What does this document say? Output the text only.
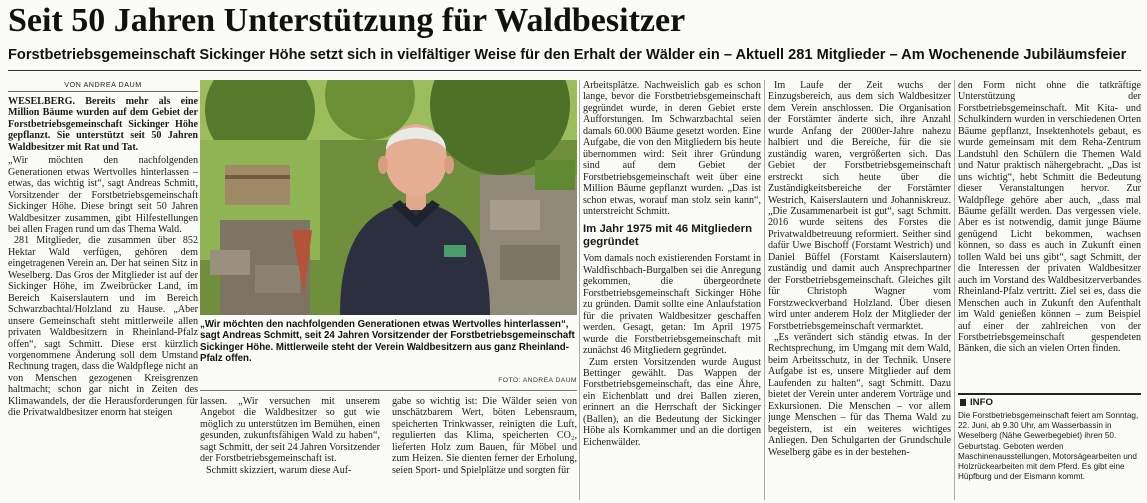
Seit 50 Jahren Unterstützung für Waldbesitzer
Forstbetriebsgemeinschaft Sickinger Höhe setzt sich in vielfältiger Weise für den Erhalt der Wälder ein – Aktuell 281 Mitglieder – Am Wochenende Jubiläumsfeier
VON ANDREA DAUM

WESELBERG. Bereits mehr als eine Million Bäume wurden auf dem Gebiet der Forstbetriebsgemeinschaft Sickinger Höhe gepflanzt. Sie unterstützt seit 50 Jahren Waldbesitzer mit Rat und Tat.

„Wir möchten den nachfolgenden Generationen etwas Wertvolles hinterlassen – etwas, das wichtig ist“, sagt Andreas Schmitt, Vorsitzender der Forstbetriebsgemeinschaft Sickinger Höhe. Diese bringt seit 50 Jahren Waldbesitzer zusammen, gibt Hilfestellungen bei allen Fragen rund um das Thema Wald.

281 Mitglieder, die zusammen über 852 Hektar Wald verfügen, gehören dem eingetragenen Verein an. Der hat seinen Sitz in Weselberg. Das Gros der Mitglieder ist auf der Sickinger Höhe, im Zweibrücker Land, im Bereich Kaiserslautern und im Bereich Schwarzbachtal/Holzland zu Hause. „Aber unsere Gemeinschaft steht mittlerweile allen privaten Waldbesitzern in Rheinland-Pfalz offen“, sagt Schmitt. Diese erst kürzlich vorgenommene Änderung soll dem Umstand Rechnung tragen, dass die Waldpflege nicht an von Menschen gezogenen Kreisgrenzen haltmacht; schon gar nicht in Zeiten des Klimawandels, der die Herausforderungen für die Privatwaldbesitzer enorm hat steigen

„Wir möchten den nachfolgenden Generationen etwas Wertvolles hinterlassen“, sagt Andreas Schmitt, seit 24 Jahren Vorsitzender der Forstbetriebsgemeinschaft Sickinger Höhe. Mittlerweile steht der Verein Waldbesitzern aus ganz Rheinland-Pfalz offen.

FOTO: ANDREA DAUM

lassen. „Wir versuchen mit unserem Angebot die Waldbesitzer so gut wie möglich zu unterstützen im Bemühen, einen gesunden, zukunftsfähigen Wald zu haben“, sagt Schmitt, der seit 24 Jahren Vorsitzender der Forstbetriebsgemeinschaft ist.

Schmitt skizziert, warum diese Auf-

gabe so wichtig ist: Die Wälder seien von unschätzbarem Wert, böten Lebensraum, speicherten Trinkwasser, reinigten die Luft, regulierten das Klima, speicherten CO₂, lieferten Holz zum Bauen, für Möbel und zum Heizen. Sie dienten ferner der Erholung, seien Sport- und Spielplätze und sorgten für

Arbeitsplätze. Nachweislich gab es schon lange, bevor die Forstbetriebsgemeinschaft gegründet wurde, in deren Gebiet erste Aufforstungen. Im Schwarzbachtal seien damals 60.000 Bäume gesetzt worden. Eine Aufgabe, die von den Mitgliedern bis heute übernommen wird: Seit ihrer Gründung sind auf dem Gebiet der Forstbetriebsgemeinschaft weit über eine Million Bäume gepflanzt wurden. „Das ist schon etwas, worauf man stolz sein kann“, unterstreicht Schmitt.

Im Jahr 1975 mit 46 Mitgliedern gegründet

Vom damals noch existierenden Forstamt in Waldfischbach-Burgalben sei die Anregung gekommen, die übergeordnete Forstbetriebsgemeinschaft Sickinger Höhe zu gründen. Damit sollte eine Anlaufstation für die privaten Waldbesitzer geschaffen werden. Gesagt, getan: Im April 1975 wurde die Forstbetriebsgemeinschaft mit zunächst 46 Mitgliedern gegründet.

Zum ersten Vorsitzenden wurde August Bettinger gewählt. Das Wappen der Forstbetriebsgemeinschaft, das eine Ähre, ein Eichenblatt und drei Ballen zieren, erinnert an die Herrschaft der Sickinger (Ballen), an die Bedeutung der Sickinger Höhe als Kornkammer und an die dortigen Eichenwälder.

Im Laufe der Zeit wuchs der Einzugsbereich, aus dem sich Waldbesitzer dem Verein anschlossen. Die Organisation der Forstämter änderte sich, ihre Anzahl wurde Anfang der 2000er-Jahre nahezu halbiert und die Bereiche, für die sie zuständig waren, vergrößerten sich. Das Gebiet der Forstbetriebsgemeinschaft erstreckt sich heute über die Zuständigkeitsbereiche der Forstämter Westrich, Kaiserslautern und Johanniskreuz. „Die Zusammenarbeit ist gut“, sagt Schmitt. 2016 wurde seitens des Forstes die Privatwaldbetreuung reformiert. Seither sind dafür Uwe Bischoff (Forstamt Westrich) und Daniel Büffel (Forstamt Kaiserslautern) zuständig und damit auch Ansprechpartner der Forstbetriebsgemeinschaft. Gleiches gilt für Christoph Wagner vom Forstzweckverband Holzland. Über diesen wird unter anderem Holz der Mitglieder der Forstbetriebsgemeinschaft vermarktet.

„Es verändert sich ständig etwas. In der Rechtsprechung, im Umgang mit dem Wald, beim Arbeitsschutz, in der Technik. Unsere Aufgabe ist es, unsere Mitglieder auf dem Laufenden zu halten“, sagt Schmitt. Dazu bietet der Verein unter anderem Vorträge und Exkursionen. Die Menschen – vor allem junge Menschen – für das Thema Wald zu begeistern, ist ein weiteres wichtiges Anliegen. Den Schulgarten der Grundschule Weselberg gäbe es in der bestehen-

den Form nicht ohne die tatkräftige Unterstützung der Forstbetriebsgemeinschaft. Mit Kita- und Schulkindern wurden in verschiedenen Orten Bäume gepflanzt, Insektenhotels gebaut, es wurde gemeinsam mit dem Reha-Zentrum Landstuhl den Schülern die Themen Wald und Natur praktisch nähergebracht. „Das ist uns wichtig“, hebt Schmitt die Bedeutung dieser Veranstaltungen hervor. Zur Waldpflege gehöre aber auch, „dass mal Bäume gefällt werden. Das vergessen viele. Aber es ist notwendig, damit junge Bäume genügend Licht bekommen, wachsen können, so dass es auch in Zukunft einen tollen Wald bei uns gibt“, sagt Schmitt, der die Interessen der privaten Waldbesitzer auch im Vorstand des Waldbesitzerverbandes Rheinland-Pfalz vertritt. Ziel sei es, dass die Menschen auch in Zukunft den Aufenthalt im Wald genießen können – zum Beispiel auf einer der zahlreichen von der Forstbetriebsgemeinschaft gespendeten Bänken, die sich an vielen Orten finden.

INFO
Die Forstbetriebsgemeinschaft feiert am Sonntag, 22. Juni, ab 9.30 Uhr, am Wasserbassin in Weselberg (Nähe Gewerbegebiet) ihren 50. Geburtstag. Geboten werden Maschinenausstellungen, Motorsägearbeiten und Holzrückearbeiten mit dem Pferd. Es gibt eine Hüpfburg und der Eismann kommt.
